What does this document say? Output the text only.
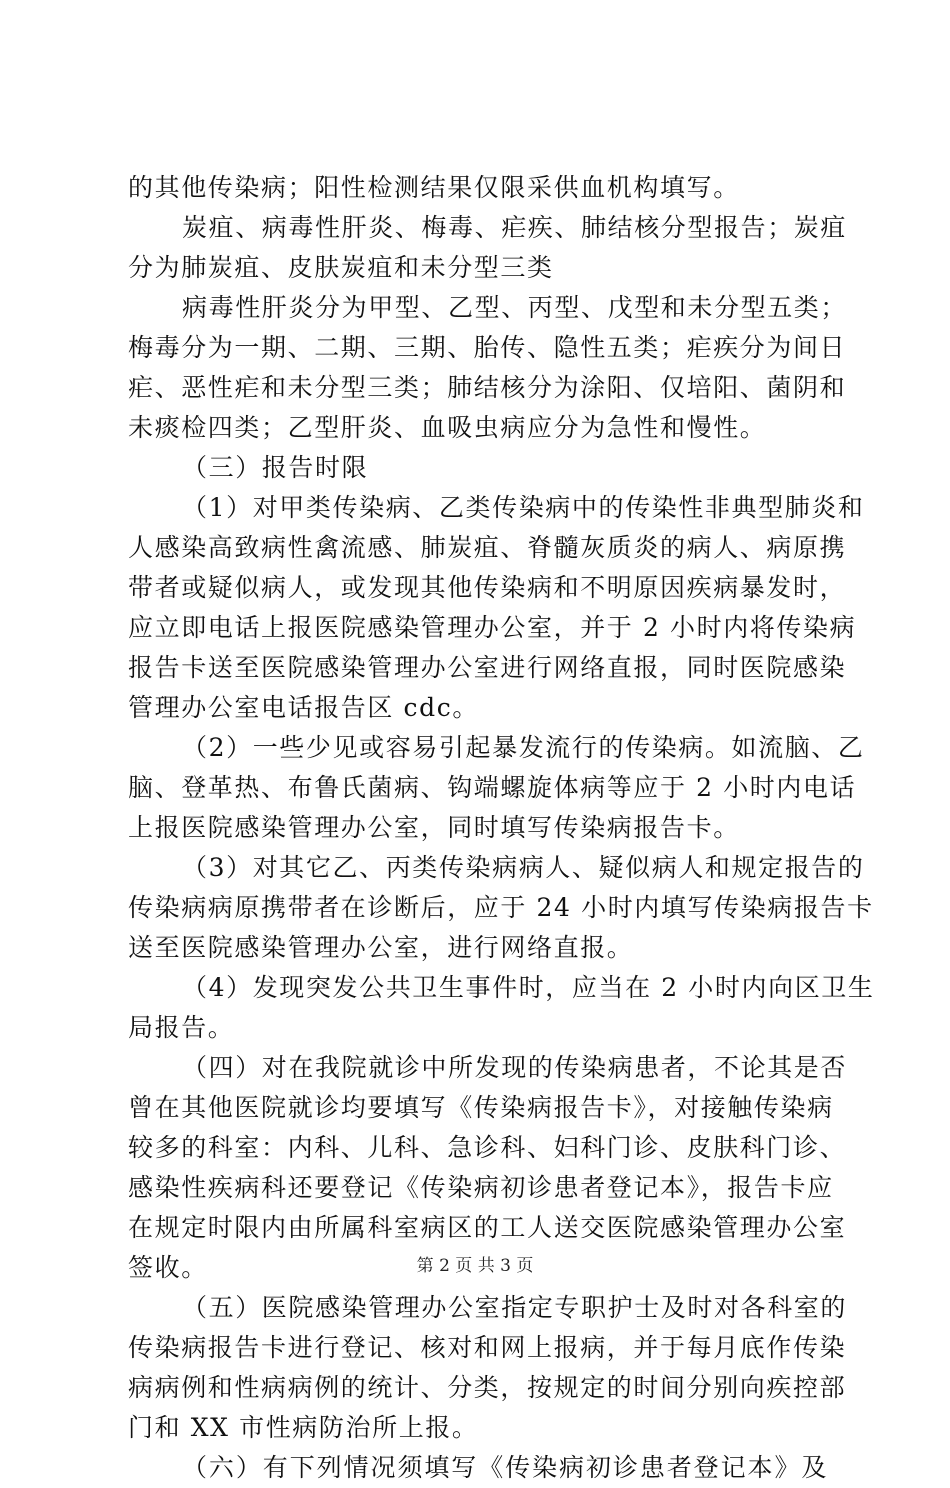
的其他传染病；阳性检测结果仅限采供血机构填写。
炭疽、病毒性肝炎、梅毒、疟疾、肺结核分型报告；炭疽
分为肺炭疽、皮肤炭疽和未分型三类
病毒性肝炎分为甲型、乙型、丙型、戊型和未分型五类；
梅毒分为一期、二期、三期、胎传、隐性五类；疟疾分为间日
疟、恶性疟和未分型三类；肺结核分为涂阳、仅培阳、菌阴和
未痰检四类；乙型肝炎、血吸虫病应分为急性和慢性。
（三）报告时限
（1）对甲类传染病、乙类传染病中的传染性非典型肺炎和
人感染高致病性禽流感、肺炭疽、脊髓灰质炎的病人、病原携
带者或疑似病人，或发现其他传染病和不明原因疾病暴发时，
应立即电话上报医院感染管理办公室，并于 2 小时内将传染病
报告卡送至医院感染管理办公室进行网络直报，同时医院感染
管理办公室电话报告区 cdc。
（2）一些少见或容易引起暴发流行的传染病。如流脑、乙
脑、登革热、布鲁氏菌病、钩端螺旋体病等应于 2 小时内电话
上报医院感染管理办公室，同时填写传染病报告卡。
（3）对其它乙、丙类传染病病人、疑似病人和规定报告的
传染病病原携带者在诊断后，应于 24 小时内填写传染病报告卡
送至医院感染管理办公室，进行网络直报。
（4）发现突发公共卫生事件时，应当在 2 小时内向区卫生
局报告。
（四）对在我院就诊中所发现的传染病患者，不论其是否
曾在其他医院就诊均要填写《传染病报告卡》，对接触传染病
较多的科室：内科、儿科、急诊科、妇科门诊、皮肤科门诊、
感染性疾病科还要登记《传染病初诊患者登记本》，报告卡应
在规定时限内由所属科室病区的工人送交医院感染管理办公室
签收。
（五）医院感染管理办公室指定专职护士及时对各科室的
传染病报告卡进行登记、核对和网上报病，并于每月底作传染
病病例和性病病例的统计、分类，按规定的时间分别向疾控部
门和 XX 市性病防治所上报。
（六）有下列情况须填写《传染病初诊患者登记本》及
第 2 页 共 3 页
